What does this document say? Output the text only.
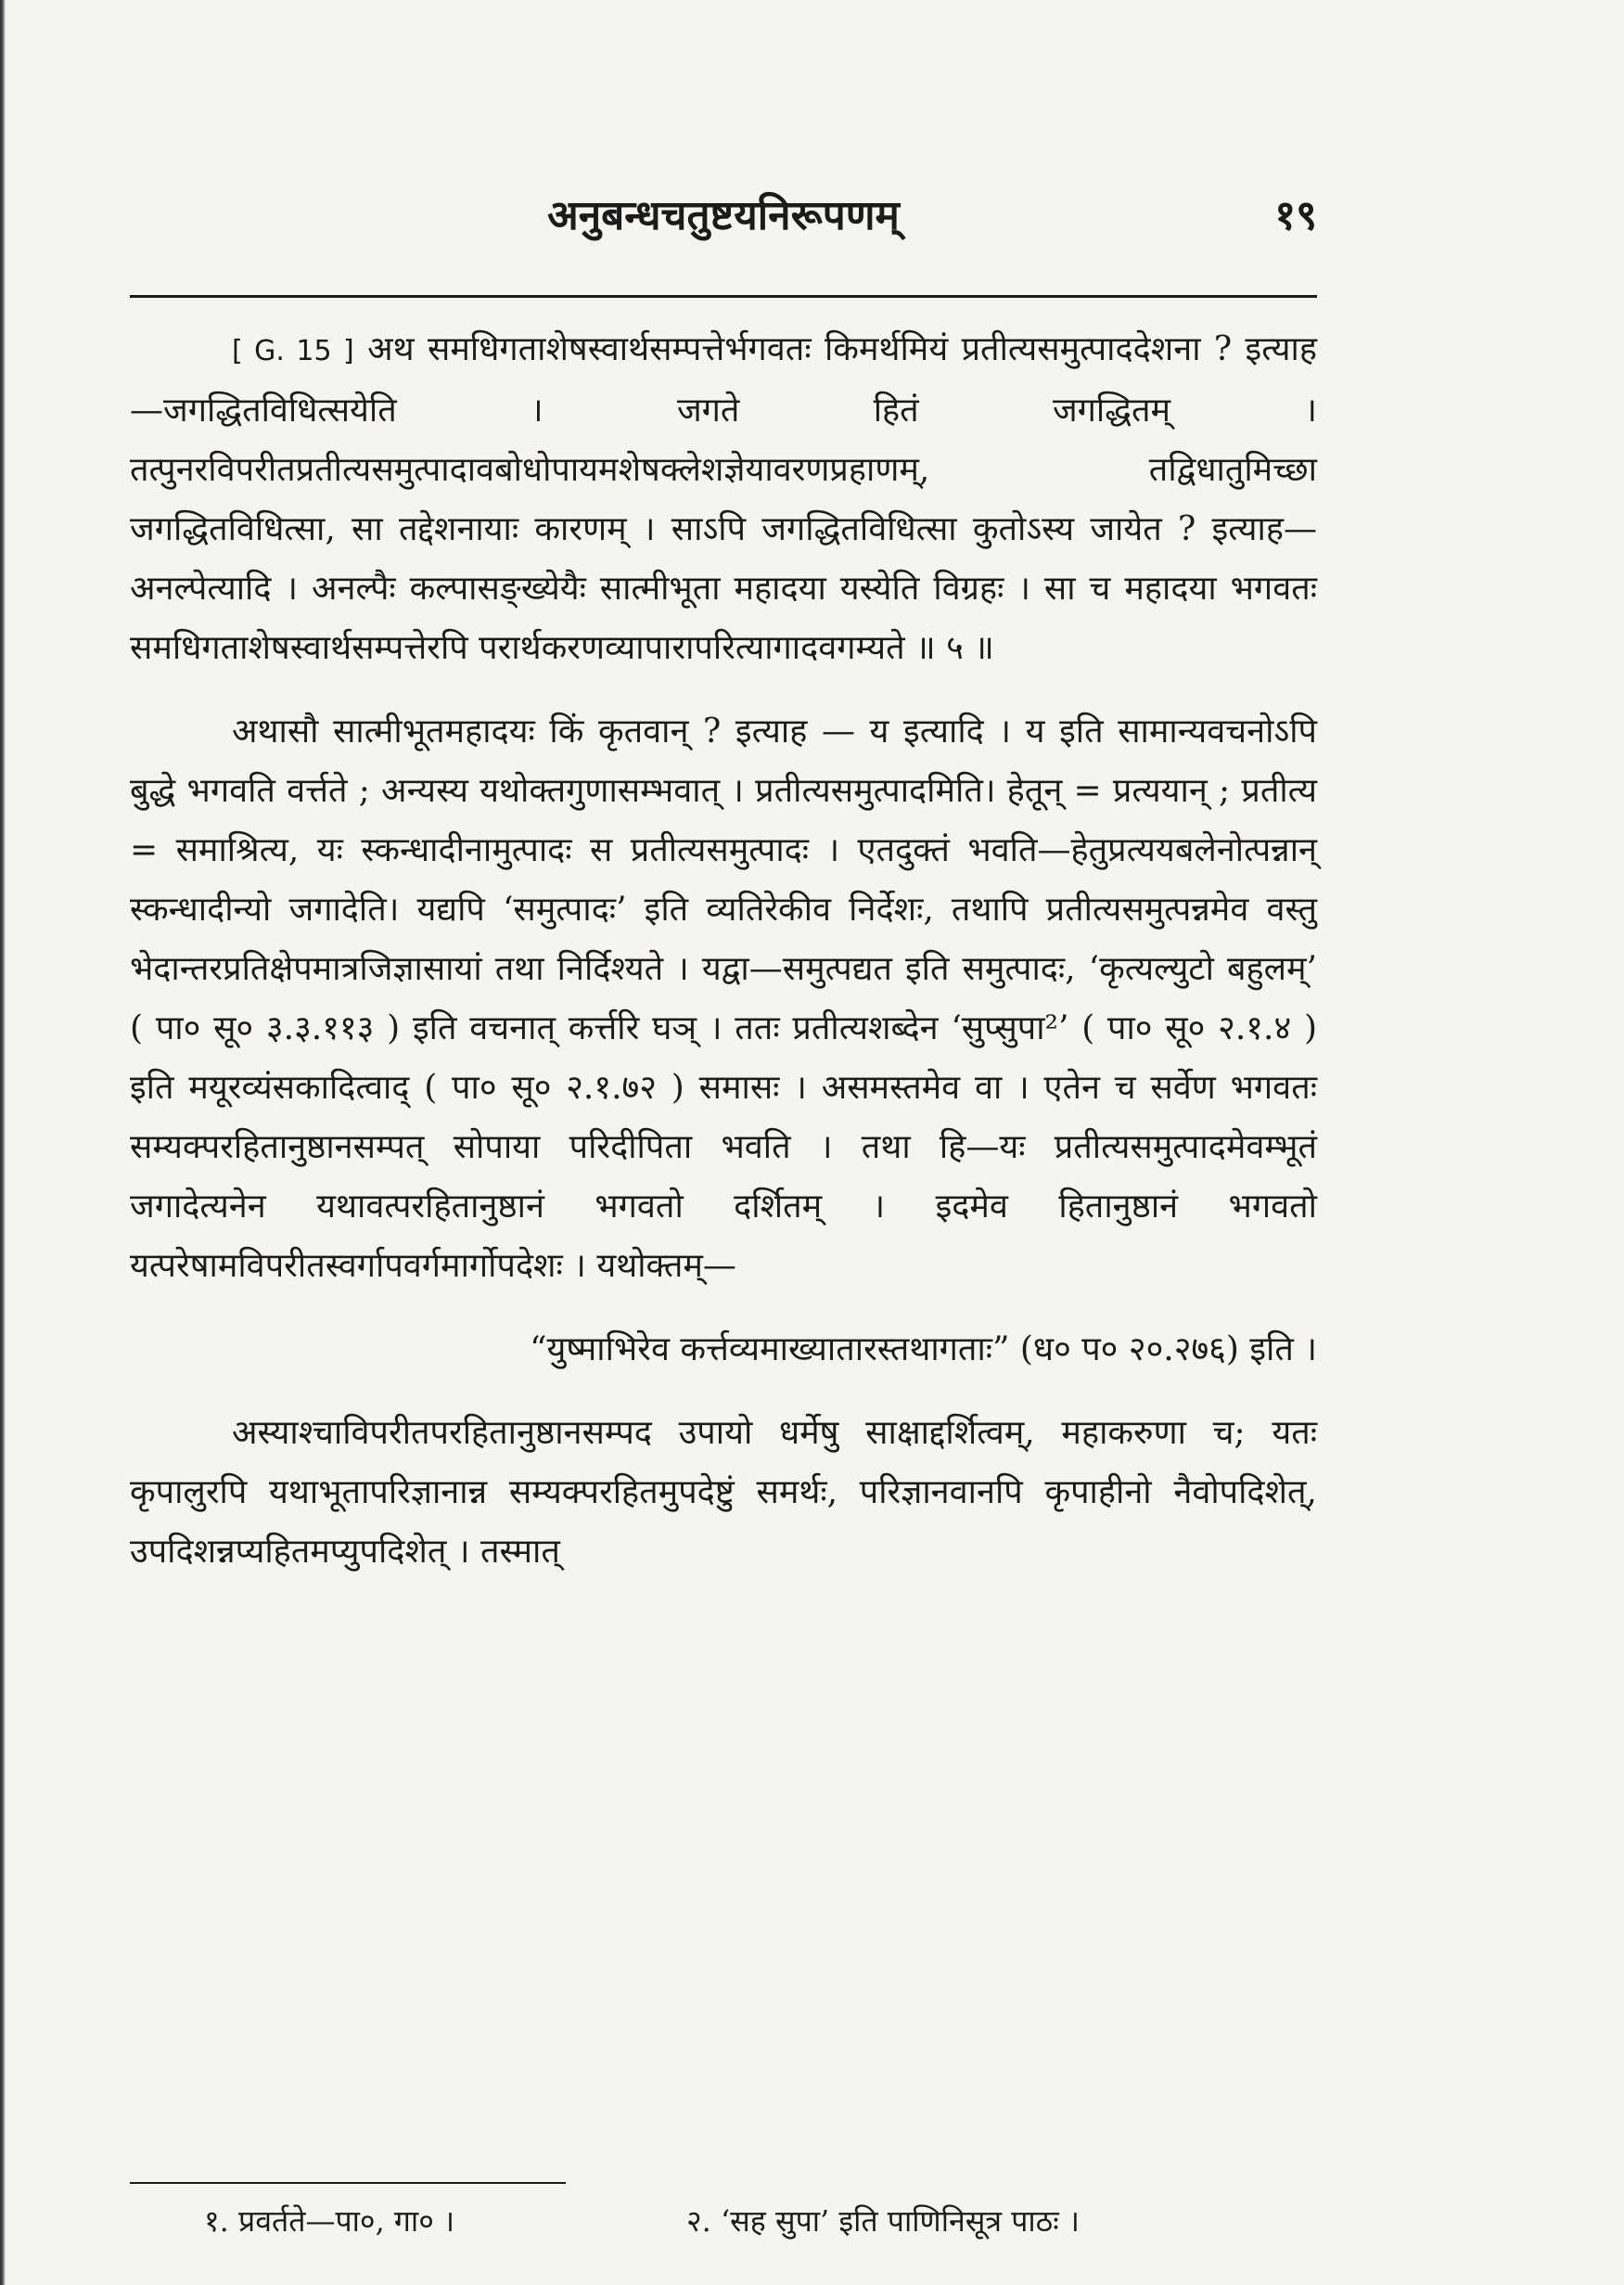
अनुबन्धचतुष्टयनिरूपणम्	१९

[ G. 15 ] अथ समधिगताशेषस्वार्थसम्पत्तेर्भगवतः किमर्थमियं प्रतीत्यसमुत्पाददेशना ? इत्याह—जगद्धितविधित्सयेति । जगते हितं जगद्धितम् । तत्पुनरविपरीतप्रतीत्यसमुत्पादावबोधोपायमशेषक्लेशज्ञेयावरणप्रहाणम्, तद्विधातुमिच्छा जगद्धितविधित्सा, सा तद्देशनायाः कारणम् । साऽपि जगद्धितविधित्सा कुतोऽस्य जायेत ? इत्याह—अनल्पेत्यादि । अनल्पैः कल्पासङ्ख्येयैः सात्मीभूता महादया यस्येति विग्रहः । सा च महादया भगवतः समधिगताशेषस्वार्थसम्पत्तेरपि परार्थकरणव्यापारापरित्यागादवगम्यते ॥ ५ ॥

अथासौ सात्मीभूतमहादयः किं कृतवान् ? इत्याह — य इत्यादि । य इति सामान्यवचनोऽपि बुद्धे भगवति वर्त्तते ; अन्यस्य यथोक्तगुणासम्भवात् । प्रतीत्यसमुत्पादमिति। हेतून् = प्रत्ययान् ; प्रतीत्य = समाश्रित्य, यः स्कन्धादीनामुत्पादः स प्रतीत्यसमुत्पादः । एतदुक्तं भवति—हेतुप्रत्ययबलेनोत्पन्नान् स्कन्धादीन्यो जगादेति। यद्यपि ‘समुत्पादः’ इति व्यतिरेकीव निर्देशः, तथापि प्रतीत्यसमुत्पन्नमेव वस्तु भेदान्तरप्रतिक्षेपमात्रजिज्ञासायां तथा निर्दिश्यते । यद्वा—समुत्पद्यत इति समुत्पादः, ‘कृत्यल्युटो बहुलम्’ ( पा० सू० ३.३.११३ ) इति वचनात् कर्त्तरि घञ् । ततः प्रतीत्यशब्देन ‘सुप्सुपा²’ ( पा० सू० २.१.४ ) इति मयूरव्यंसकादित्वाद् ( पा० सू० २.१.७२ ) समासः । असमस्तमेव वा । एतेन च सर्वेण भगवतः सम्यक्परहितानुष्ठानसम्पत् सोपाया परिदीपिता भवति । तथा हि—यः प्रतीत्यसमुत्पादमेवम्भूतं जगादेत्यनेन यथावत्परहितानुष्ठानं भगवतो दर्शितम् । इदमेव हितानुष्ठानं भगवतो यत्परेषामविपरीतस्वर्गापवर्गमार्गोपदेशः । यथोक्तम्—

“युष्माभिरेव कर्त्तव्यमाख्यातारस्तथागताः” (ध० प० २०.२७६) इति ।

अस्याश्चाविपरीतपरहितानुष्ठानसम्पद उपायो धर्मेषु साक्षाद्दर्शित्वम्, महाकरुणा च; यतः कृपालुरपि यथाभूतापरिज्ञानान्न सम्यक्परहितमुपदेष्टुं समर्थः, परिज्ञानवानपि कृपाहीनो नैवोपदिशेत्, उपदिशन्नप्यहितमप्युपदिशेत् । तस्मात्

१. प्रवर्तते—पा०, गा० ।	२. ‘सह सुपा’ इति पाणिनिसूत्र पाठः ।
